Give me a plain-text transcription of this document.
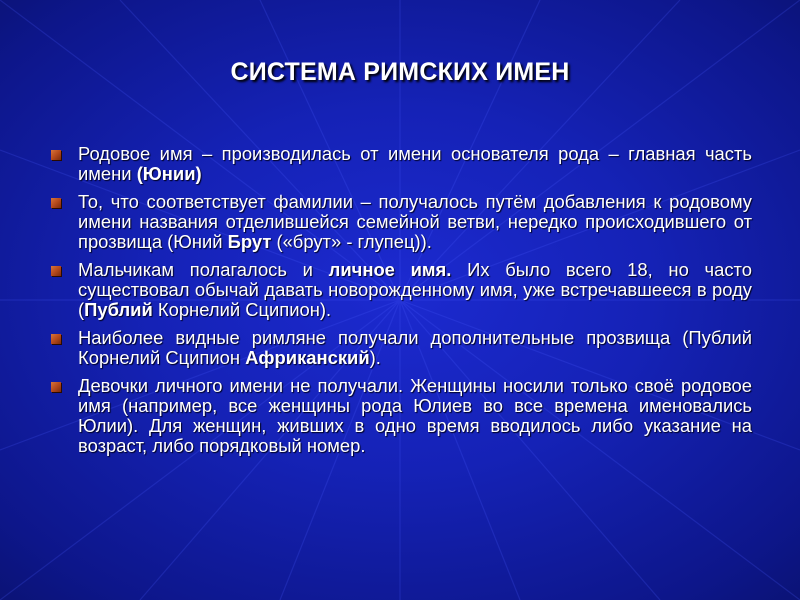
СИСТЕМА РИМСКИХ ИМЕН
Родовое имя – производилась от имени основателя рода – главная часть имени (Юнии)
То, что соответствует фамилии – получалось путём добавления к родовому имени названия отделившейся семейной ветви, нередко происходившего от прозвища (Юний Брут («брут» - глупец)).
Мальчикам полагалось и личное имя. Их было всего 18, но часто существовал обычай давать новорожденному имя, уже встречавшееся в роду (Публий Корнелий Сципион).
Наиболее видные римляне получали дополнительные прозвища (Публий Корнелий Сципион Африканский).
Девочки личного имени не получали. Женщины носили только своё родовое имя (например, все женщины рода Юлиев во все времена именовались Юлии). Для женщин, живших в одно время вводилось либо указание на возраст, либо порядковый номер.
